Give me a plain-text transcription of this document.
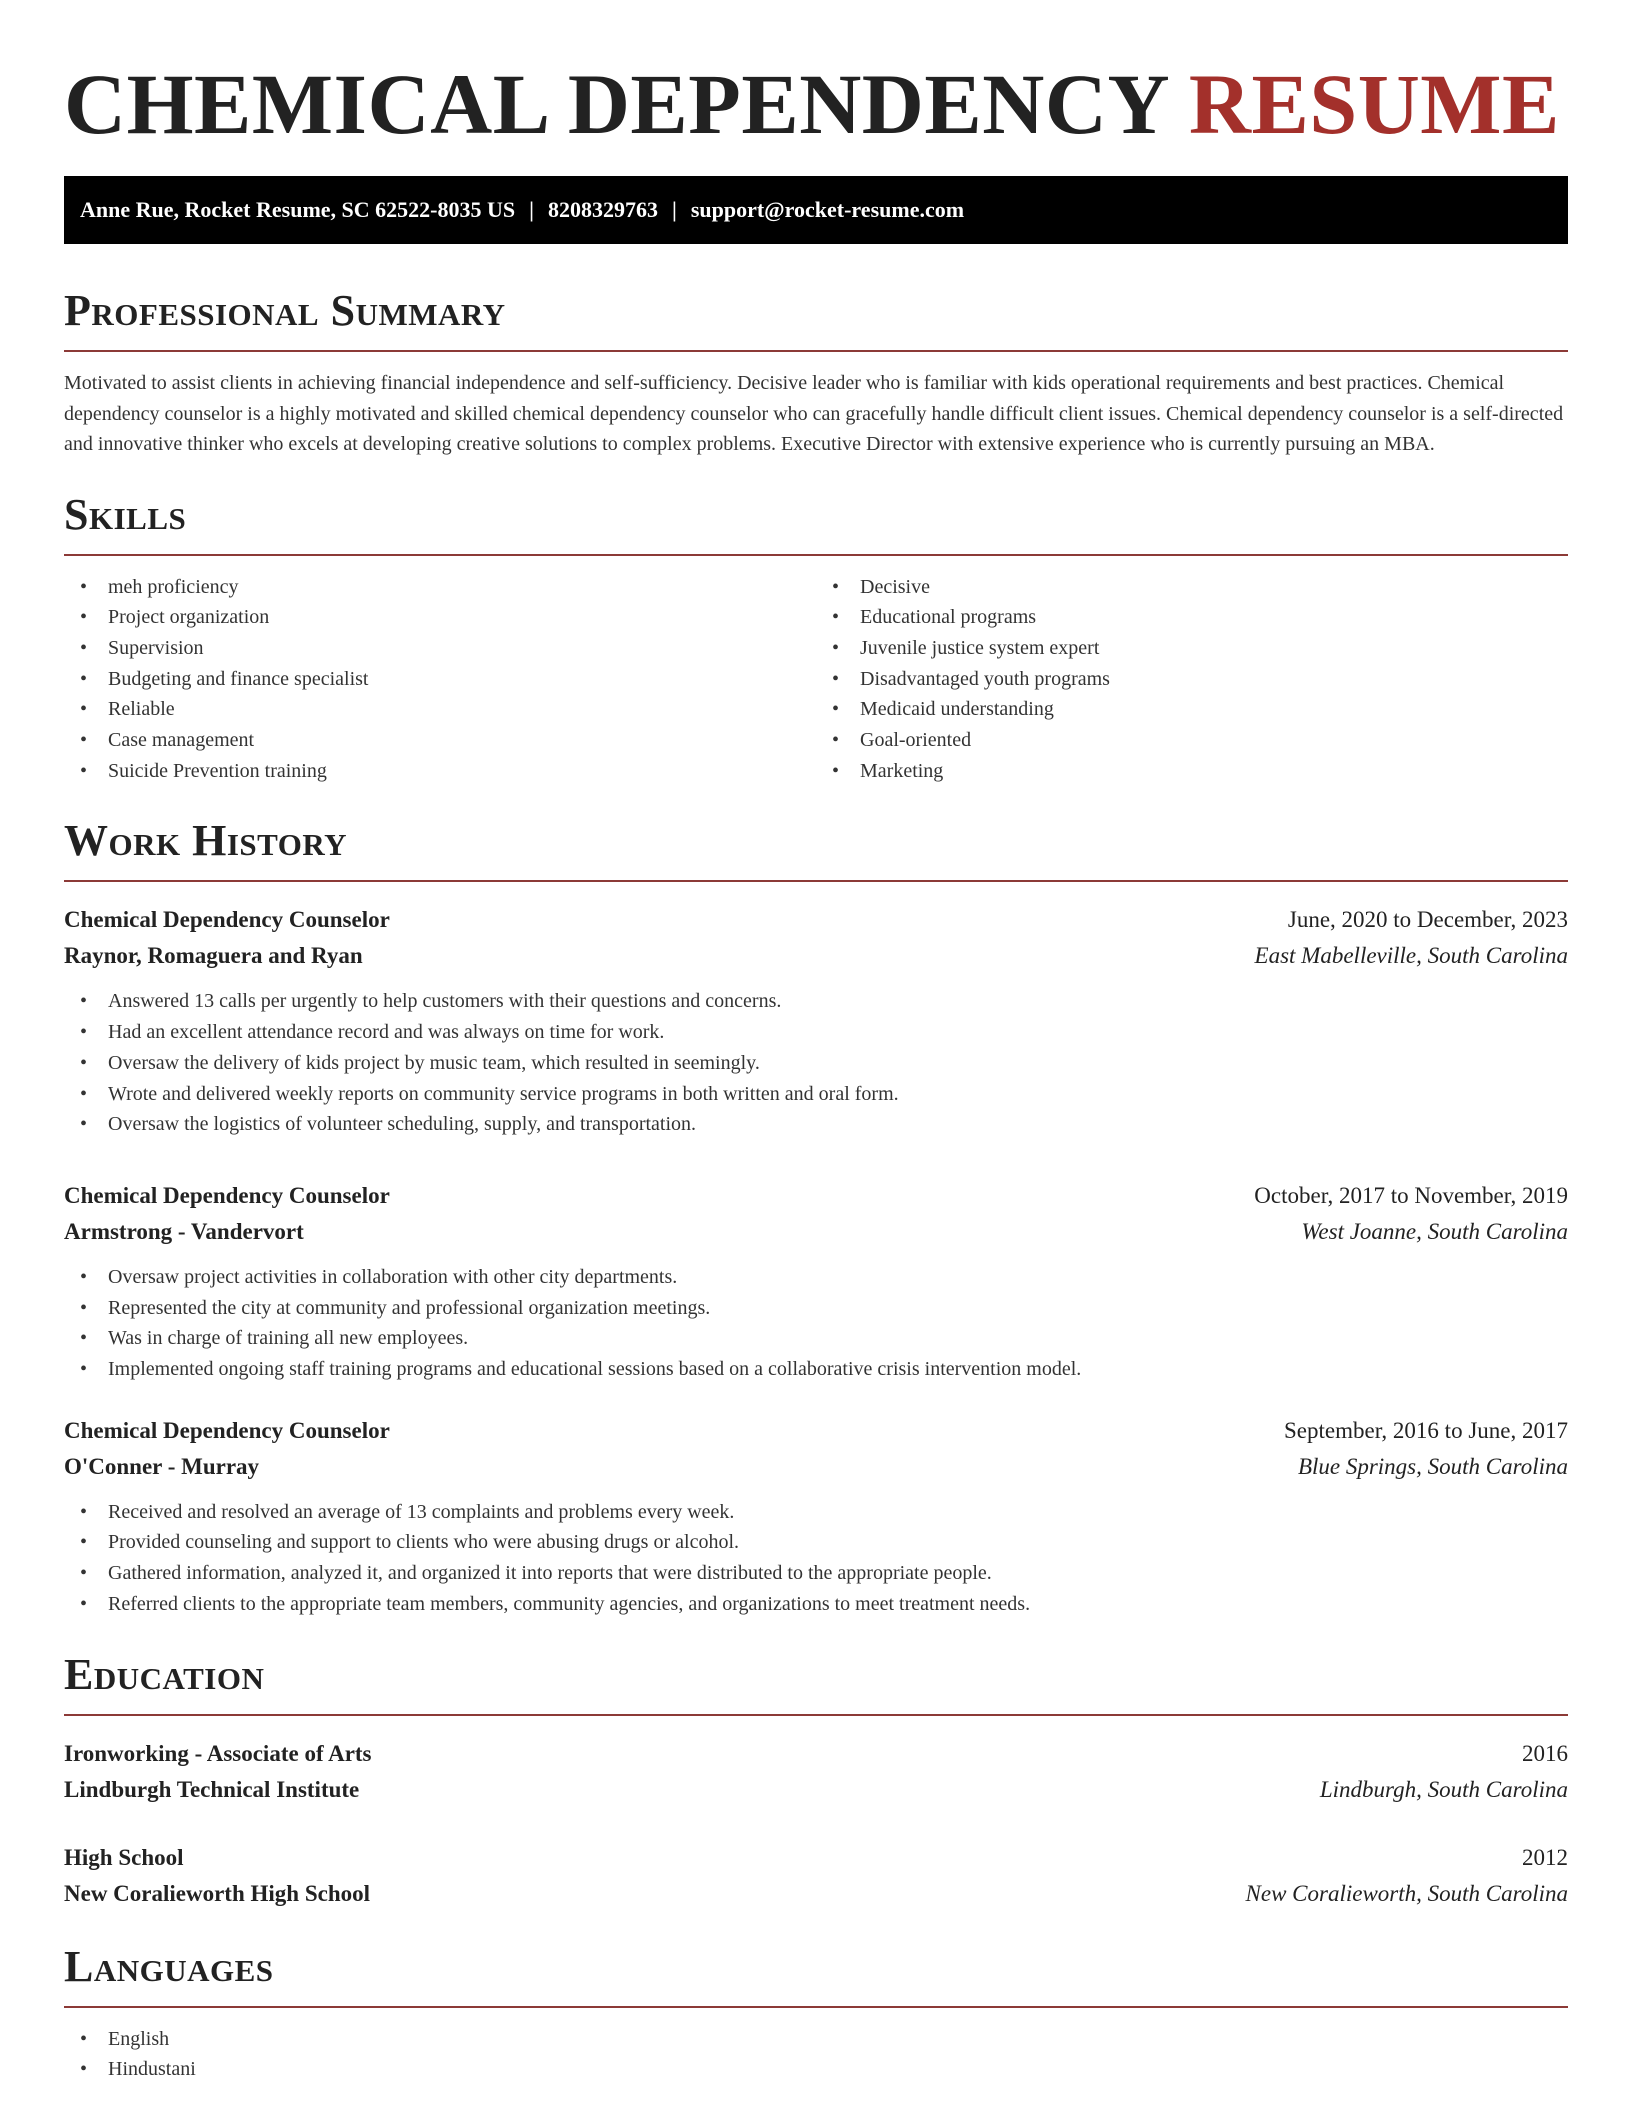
CHEMICAL DEPENDENCY RESUME
Anne Rue, Rocket Resume, SC 62522-8035 US | 8208329763 | support@rocket-resume.com
Professional Summary
Motivated to assist clients in achieving financial independence and self-sufficiency. Decisive leader who is familiar with kids operational requirements and best practices. Chemical dependency counselor is a highly motivated and skilled chemical dependency counselor who can gracefully handle difficult client issues. Chemical dependency counselor is a self-directed and innovative thinker who excels at developing creative solutions to complex problems. Executive Director with extensive experience who is currently pursuing an MBA.
Skills
• meh proficiency
• Project organization
• Supervision
• Budgeting and finance specialist
• Reliable
• Case management
• Suicide Prevention training
• Decisive
• Educational programs
• Juvenile justice system expert
• Disadvantaged youth programs
• Medicaid understanding
• Goal-oriented
• Marketing
Work History
Chemical Dependency Counselor	June, 2020 to December, 2023
Raynor, Romaguera and Ryan	East Mabelleville, South Carolina
• Answered 13 calls per urgently to help customers with their questions and concerns.
• Had an excellent attendance record and was always on time for work.
• Oversaw the delivery of kids project by music team, which resulted in seemingly.
• Wrote and delivered weekly reports on community service programs in both written and oral form.
• Oversaw the logistics of volunteer scheduling, supply, and transportation.
Chemical Dependency Counselor	October, 2017 to November, 2019
Armstrong - Vandervort	West Joanne, South Carolina
• Oversaw project activities in collaboration with other city departments.
• Represented the city at community and professional organization meetings.
• Was in charge of training all new employees.
• Implemented ongoing staff training programs and educational sessions based on a collaborative crisis intervention model.
Chemical Dependency Counselor	September, 2016 to June, 2017
O'Conner - Murray	Blue Springs, South Carolina
• Received and resolved an average of 13 complaints and problems every week.
• Provided counseling and support to clients who were abusing drugs or alcohol.
• Gathered information, analyzed it, and organized it into reports that were distributed to the appropriate people.
• Referred clients to the appropriate team members, community agencies, and organizations to meet treatment needs.
Education
Ironworking - Associate of Arts	2016
Lindburgh Technical Institute	Lindburgh, South Carolina
High School	2012
New Coralieworth High School	New Coralieworth, South Carolina
Languages
• English
• Hindustani
